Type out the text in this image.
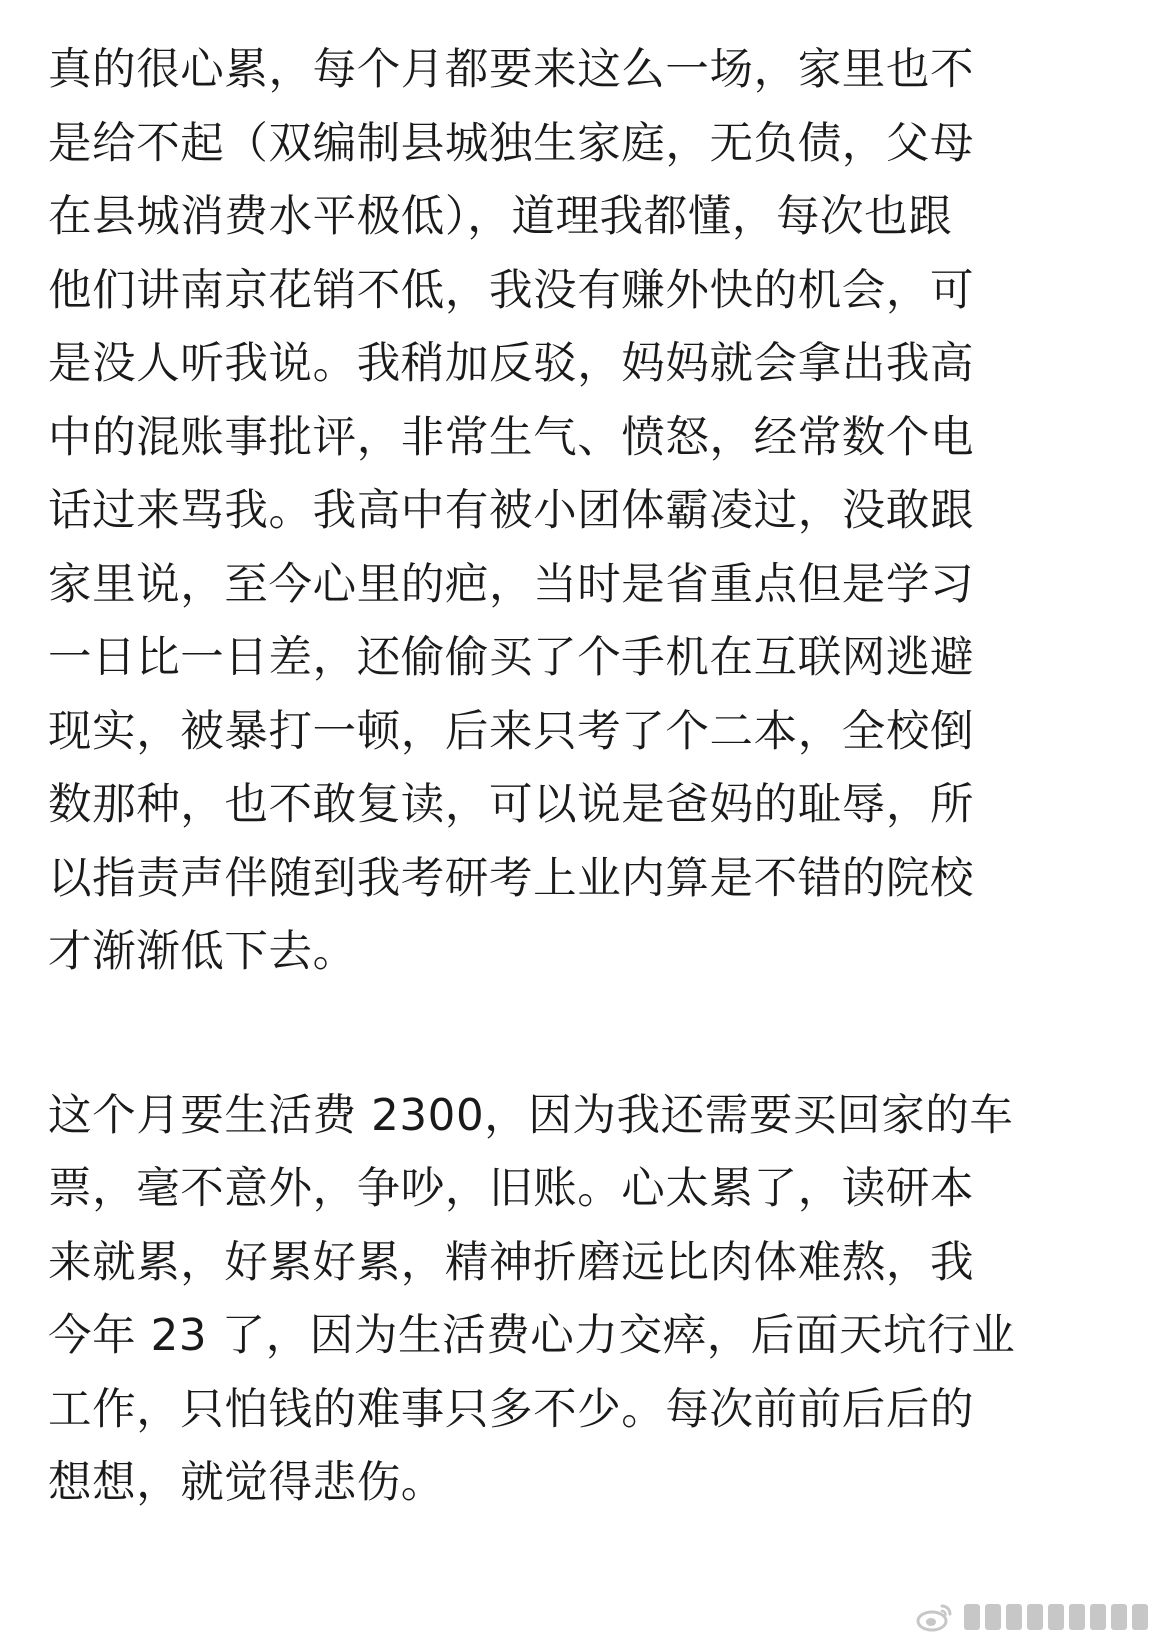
真的很心累，每个月都要来这么一场，家里也不
是给不起（双编制县城独生家庭，无负债，父母
在县城消费水平极低），道理我都懂，每次也跟
他们讲南京花销不低，我没有赚外快的机会，可
是没人听我说。我稍加反驳，妈妈就会拿出我高
中的混账事批评，非常生气、愤怒，经常数个电
话过来骂我。我高中有被小团体霸凌过，没敢跟
家里说，至今心里的疤，当时是省重点但是学习
一日比一日差，还偷偷买了个手机在互联网逃避
现实，被暴打一顿，后来只考了个二本，全校倒
数那种，也不敢复读，可以说是爸妈的耻辱，所
以指责声伴随到我考研考上业内算是不错的院校
才渐渐低下去。
这个月要生活费 2300，因为我还需要买回家的车
票，毫不意外，争吵，旧账。心太累了，读研本
来就累，好累好累，精神折磨远比肉体难熬，我
今年 23 了，因为生活费心力交瘁，后面天坑行业
工作，只怕钱的难事只多不少。每次前前后后的
想想，就觉得悲伤。
